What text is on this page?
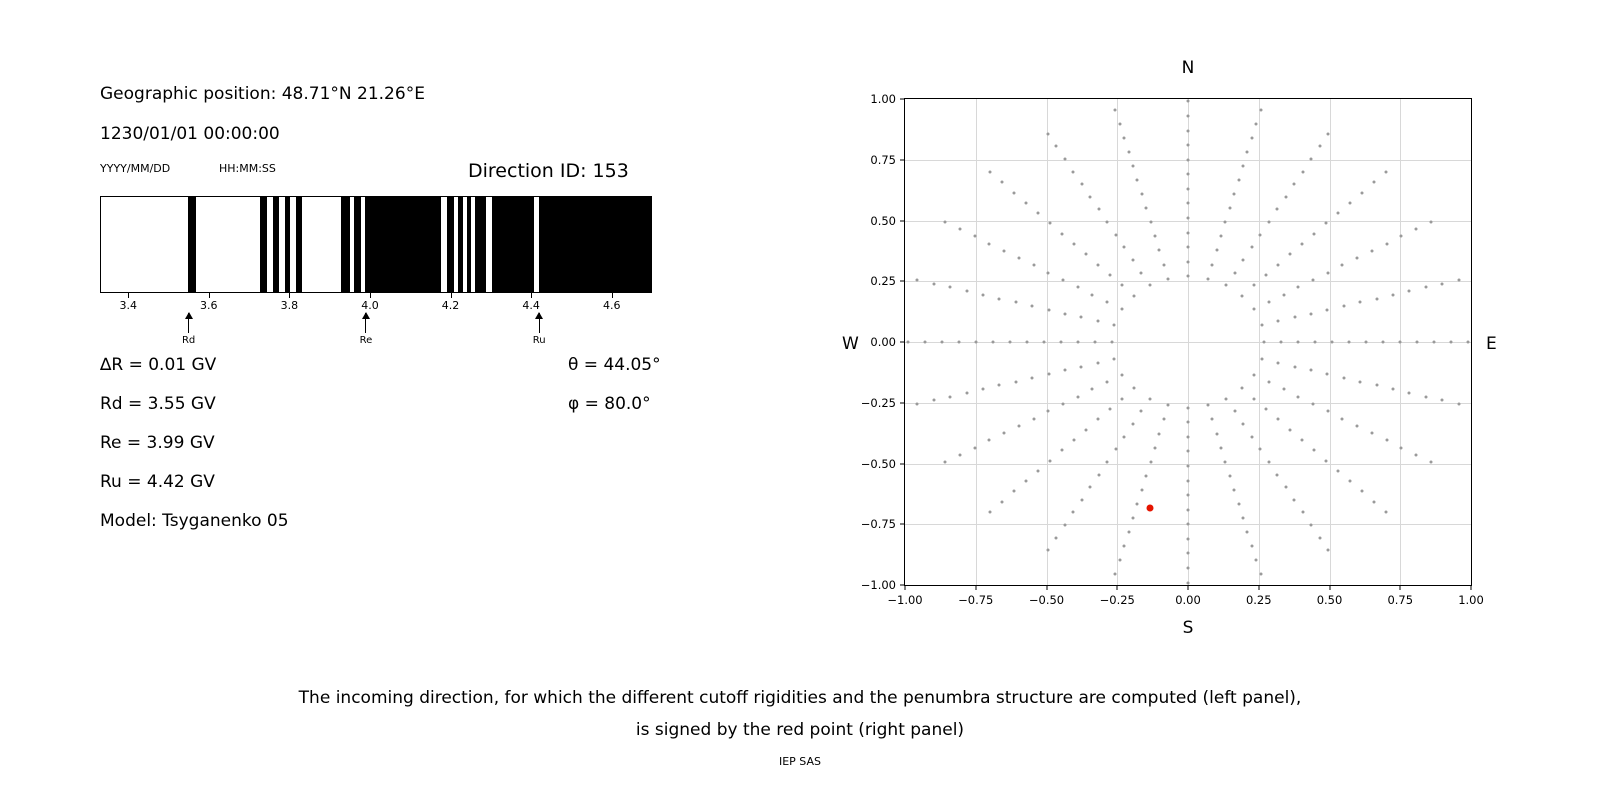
Geographic position: 48.71°N 21.26°E
1230/01/01 00:00:00
YYYY/MM/DD	HH:MM:SS	Direction ID: 153
3.4	3.6	3.8	4.0	4.2	4.4	4.6
Rd	Re	Ru
∆R = 0.01 GV
Rd = 3.55 GV
Re = 3.99 GV
Ru = 4.42 GV
Model: Tsyganenko 05
θ = 44.05°
φ = 80.0°
N
S
W	E
−1.00
−0.75
−0.50
−0.25
0.00
0.25
0.50
0.75
1.00
−1.00	−0.75	−0.50	−0.25	0.00	0.25	0.50	0.75	1.00
The incoming direction, for which the different cutoff rigidities and the penumbra structure are computed (left panel),
is signed by the red point (right panel)
IEP SAS
